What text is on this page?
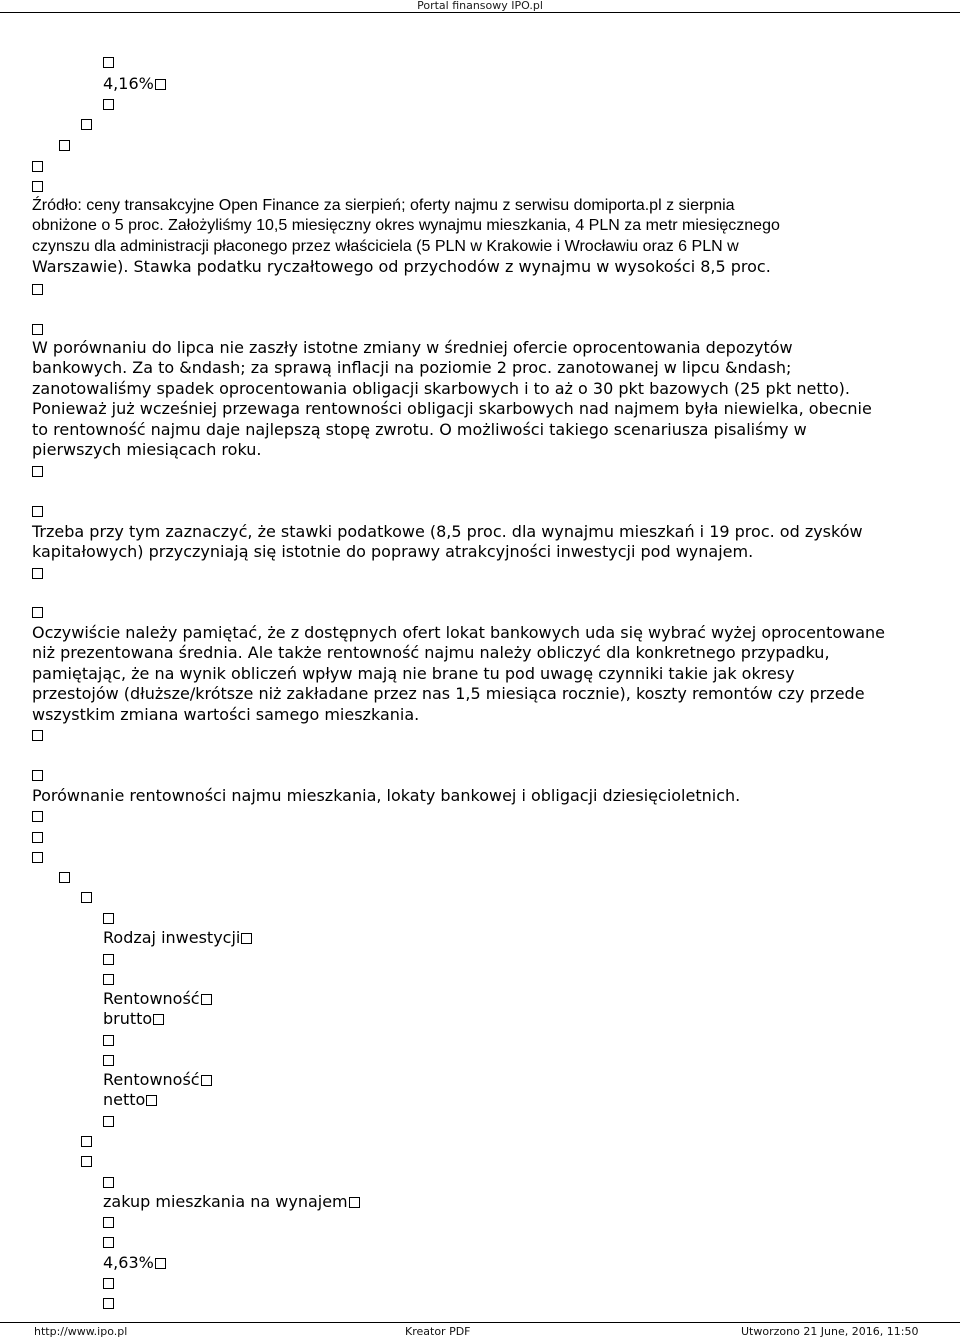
Portal finansowy IPO.pl
4,16%
Źródło: ceny transakcyjne Open Finance za sierpień; oferty najmu z serwisu domiporta.pl z sierpnia
obniżone o 5 proc. Założyliśmy 10,5 miesięczny okres wynajmu mieszkania, 4 PLN za metr miesięcznego
czynszu dla administracji płaconego przez właściciela (5 PLN w Krakowie i Wrocławiu oraz 6 PLN w
Warszawie). Stawka podatku ryczałtowego od przychodów z wynajmu w wysokości 8,5 proc.
W porównaniu do lipca nie zaszły istotne zmiany w średniej ofercie oprocentowania depozytów
bankowych. Za to &ndash; za sprawą inflacji na poziomie 2 proc. zanotowanej w lipcu &ndash;
zanotowaliśmy spadek oprocentowania obligacji skarbowych i to aż o 30 pkt bazowych (25 pkt netto).
Ponieważ już wcześniej przewaga rentowności obligacji skarbowych nad najmem była niewielka, obecnie
to rentowność najmu daje najlepszą stopę zwrotu. O możliwości takiego scenariusza pisaliśmy w
pierwszych miesiącach roku.
Trzeba przy tym zaznaczyć, że stawki podatkowe (8,5 proc. dla wynajmu mieszkań i 19 proc. od zysków
kapitałowych) przyczyniają się istotnie do poprawy atrakcyjności inwestycji pod wynajem.
Oczywiście należy pamiętać, że z dostępnych ofert lokat bankowych uda się wybrać wyżej oprocentowane
niż prezentowana średnia. Ale także rentowność najmu należy obliczyć dla konkretnego przypadku,
pamiętając, że na wynik obliczeń wpływ mają nie brane tu pod uwagę czynniki takie jak okresy
przestojów (dłuższe/krótsze niż zakładane przez nas 1,5 miesiąca rocznie), koszty remontów czy przede
wszystkim zmiana wartości samego mieszkania.
Porównanie rentowności najmu mieszkania, lokaty bankowej i obligacji dziesięcioletnich.
Rodzaj inwestycji
Rentowność
brutto
Rentowność
netto
zakup mieszkania na wynajem
4,63%
http://www.ipo.pl	Kreator PDF	Utworzono 21 June, 2016, 11:50
